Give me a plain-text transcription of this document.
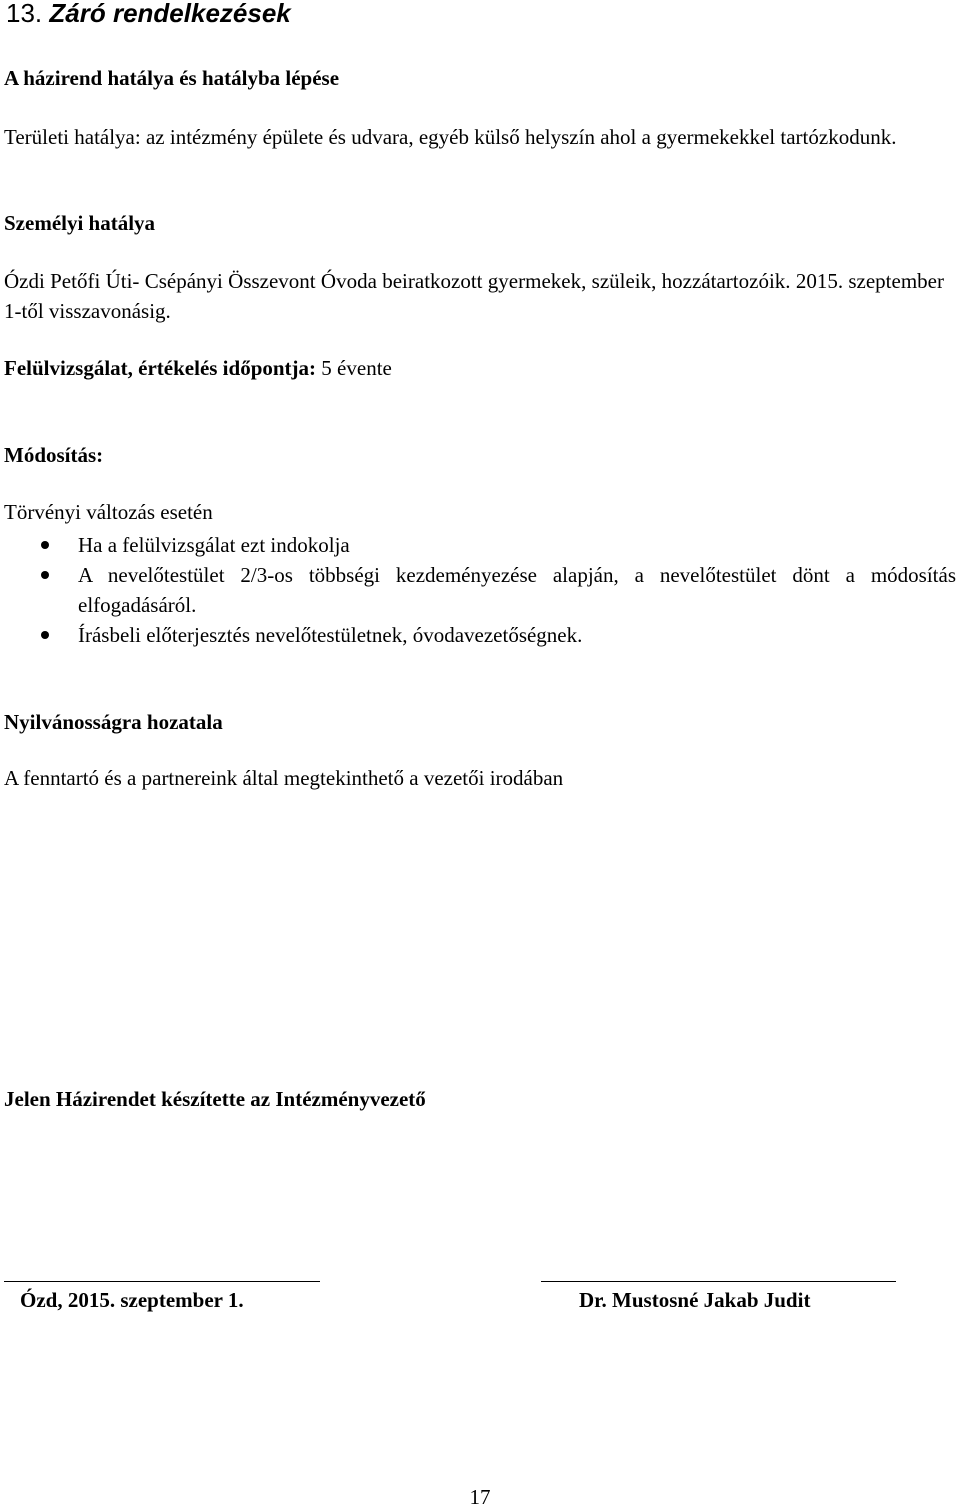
13. Záró rendelkezések
A házirend hatálya és hatályba lépése
Területi hatálya: az intézmény épülete és udvara, egyéb külső helyszín ahol a gyermekekkel tartózkodunk.
Személyi hatálya
Ózdi Petőfi Úti- Csépányi Összevont Óvoda beiratkozott gyermekek, szüleik, hozzátartozóik. 2015. szeptember 1-től visszavonásig.
Felülvizsgálat, értékelés időpontja: 5 évente
Módosítás:
Törvényi változás esetén
Ha a felülvizsgálat ezt indokolja
A nevelőtestület 2/3-os többségi kezdeményezése alapján, a nevelőtestület dönt a módosítás elfogadásáról.
Írásbeli előterjesztés nevelőtestületnek, óvodavezetőségnek.
Nyilvánosságra hozatala
A fenntartó és a partnereink által megtekinthető a vezetői irodában
Jelen Házirendet készítette az Intézményvezető
Ózd, 2015. szeptember 1.	Dr. Mustosné Jakab Judit
17
